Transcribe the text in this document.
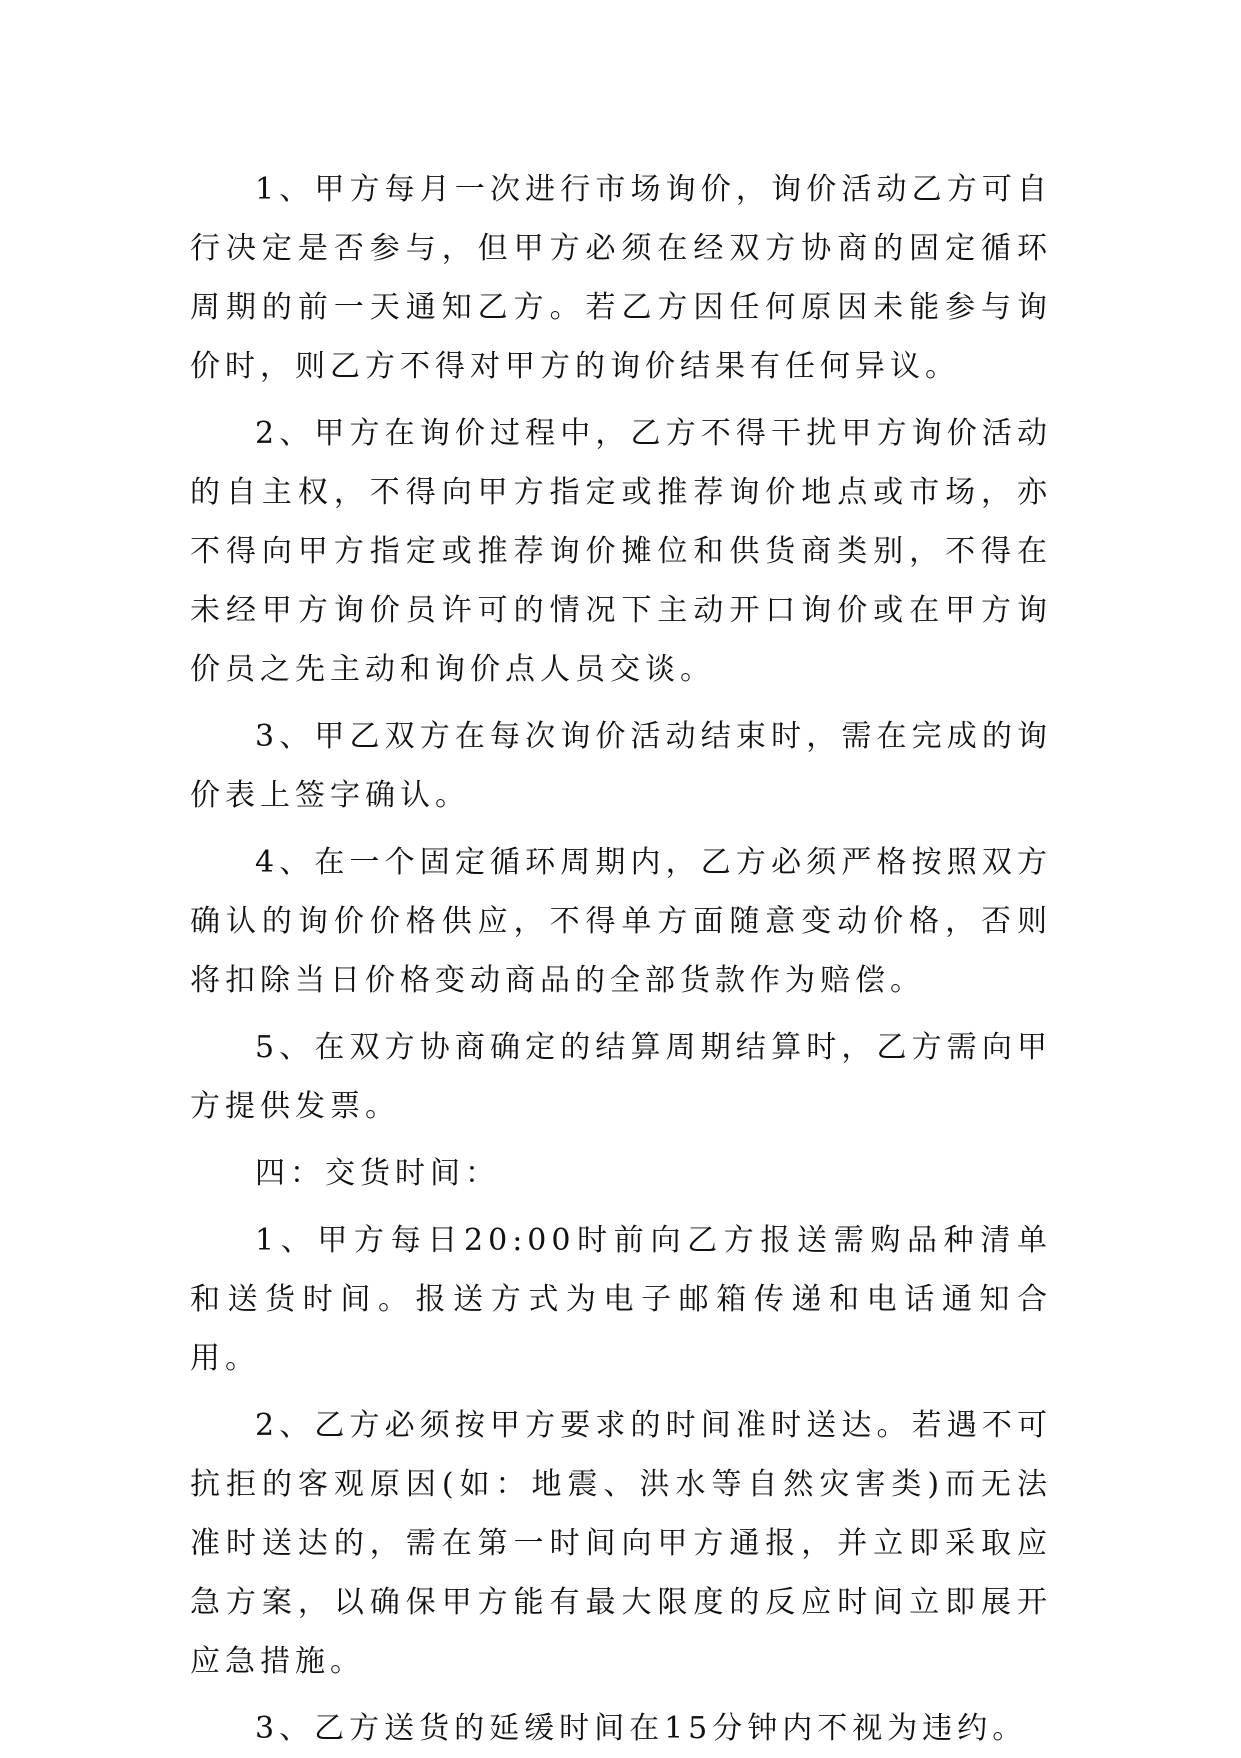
1、甲方每月一次进行市场询价，询价活动乙方可自行决定是否参与，但甲方必须在经双方协商的固定循环周期的前一天通知乙方。若乙方因任何原因未能参与询价时，则乙方不得对甲方的询价结果有任何异议。

2、甲方在询价过程中，乙方不得干扰甲方询价活动的自主权，不得向甲方指定或推荐询价地点或市场，亦不得向甲方指定或推荐询价摊位和供货商类别，不得在未经甲方询价员许可的情况下主动开口询价或在甲方询价员之先主动和询价点人员交谈。

3、甲乙双方在每次询价活动结束时，需在完成的询价表上签字确认。

4、在一个固定循环周期内，乙方必须严格按照双方确认的询价价格供应，不得单方面随意变动价格，否则将扣除当日价格变动商品的全部货款作为赔偿。

5、在双方协商确定的结算周期结算时，乙方需向甲方提供发票。

四：交货时间：

1、甲方每日20:00时前向乙方报送需购品种清单和送货时间。报送方式为电子邮箱传递和电话通知合用。

2、乙方必须按甲方要求的时间准时送达。若遇不可抗拒的客观原因(如：地震、洪水等自然灾害类)而无法准时送达的，需在第一时间向甲方通报，并立即采取应急方案，以确保甲方能有最大限度的反应时间立即展开应急措施。

3、乙方送货的延缓时间在15分钟内不视为违约。
